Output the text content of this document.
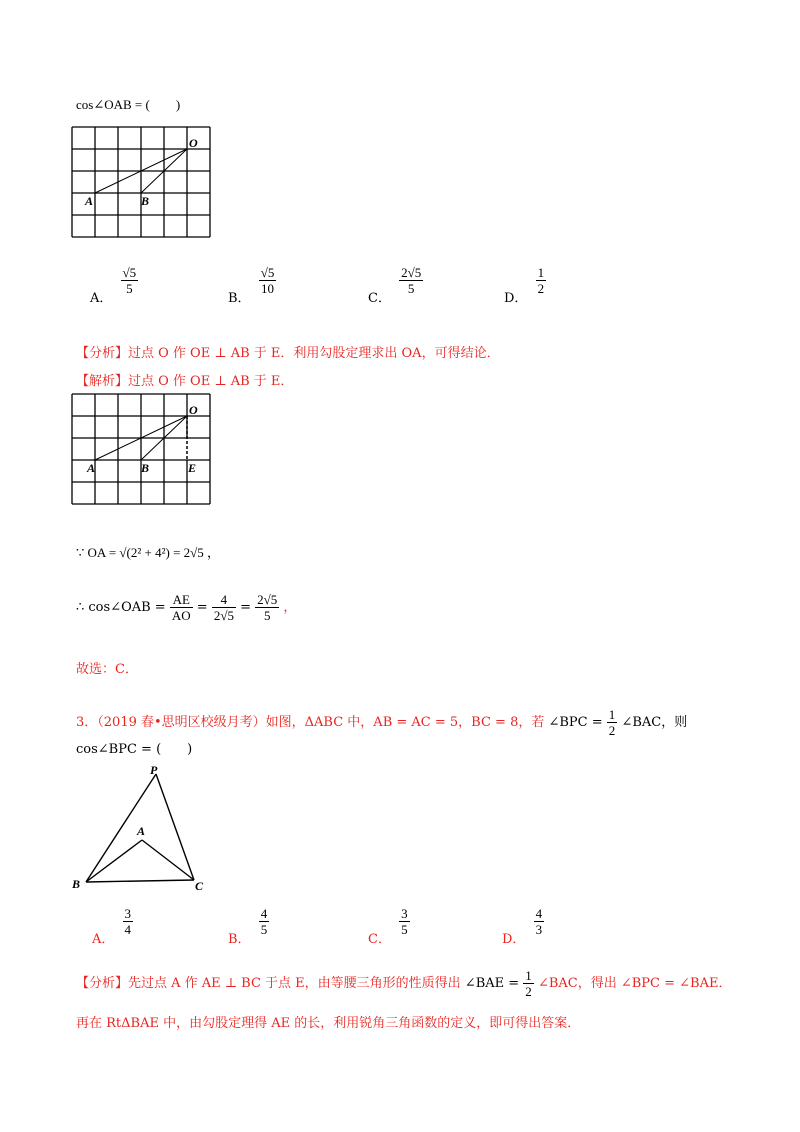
cos∠OAB = (　　)
O
A	B
A．
$\frac{√5}{5}$
B．
$\frac{√5}{10}$
C．
$\frac{2√5}{5}$
D．
$\frac{1}{2}$
【分析】过点 O 作 OE ⊥ AB 于 E．利用勾股定理求出 OA，可得结论．
【解析】过点 O 作 OE ⊥ AB 于 E．
O
A	B	E
∵ OA = √(2² + 4²) = 2√5 ，
∴ cos∠OAB = $\frac{AE}{AO} = \frac{4}{2√5} = \frac{2√5}{5}$ ，
故选：C．
3．（2019 春•思明区校级月考）如图，ΔABC 中，AB = AC = 5，BC = 8，若 ∠BPC = $\frac{1}{2}$ ∠BAC，则
cos∠BPC = (　　)
P
A
B	C
A．
$\frac{3}{4}$
B．
$\frac{4}{5}$
C．
$\frac{3}{5}$
D．
$\frac{4}{3}$
【分析】先过点 A 作 AE ⊥ BC 于点 E，由等腰三角形的性质得出 ∠BAE = $\frac{1}{2}$ ∠BAC，得出 ∠BPC = ∠BAE．
再在 RtΔBAE 中，由勾股定理得 AE 的长，利用锐角三角函数的定义，即可得出答案．
